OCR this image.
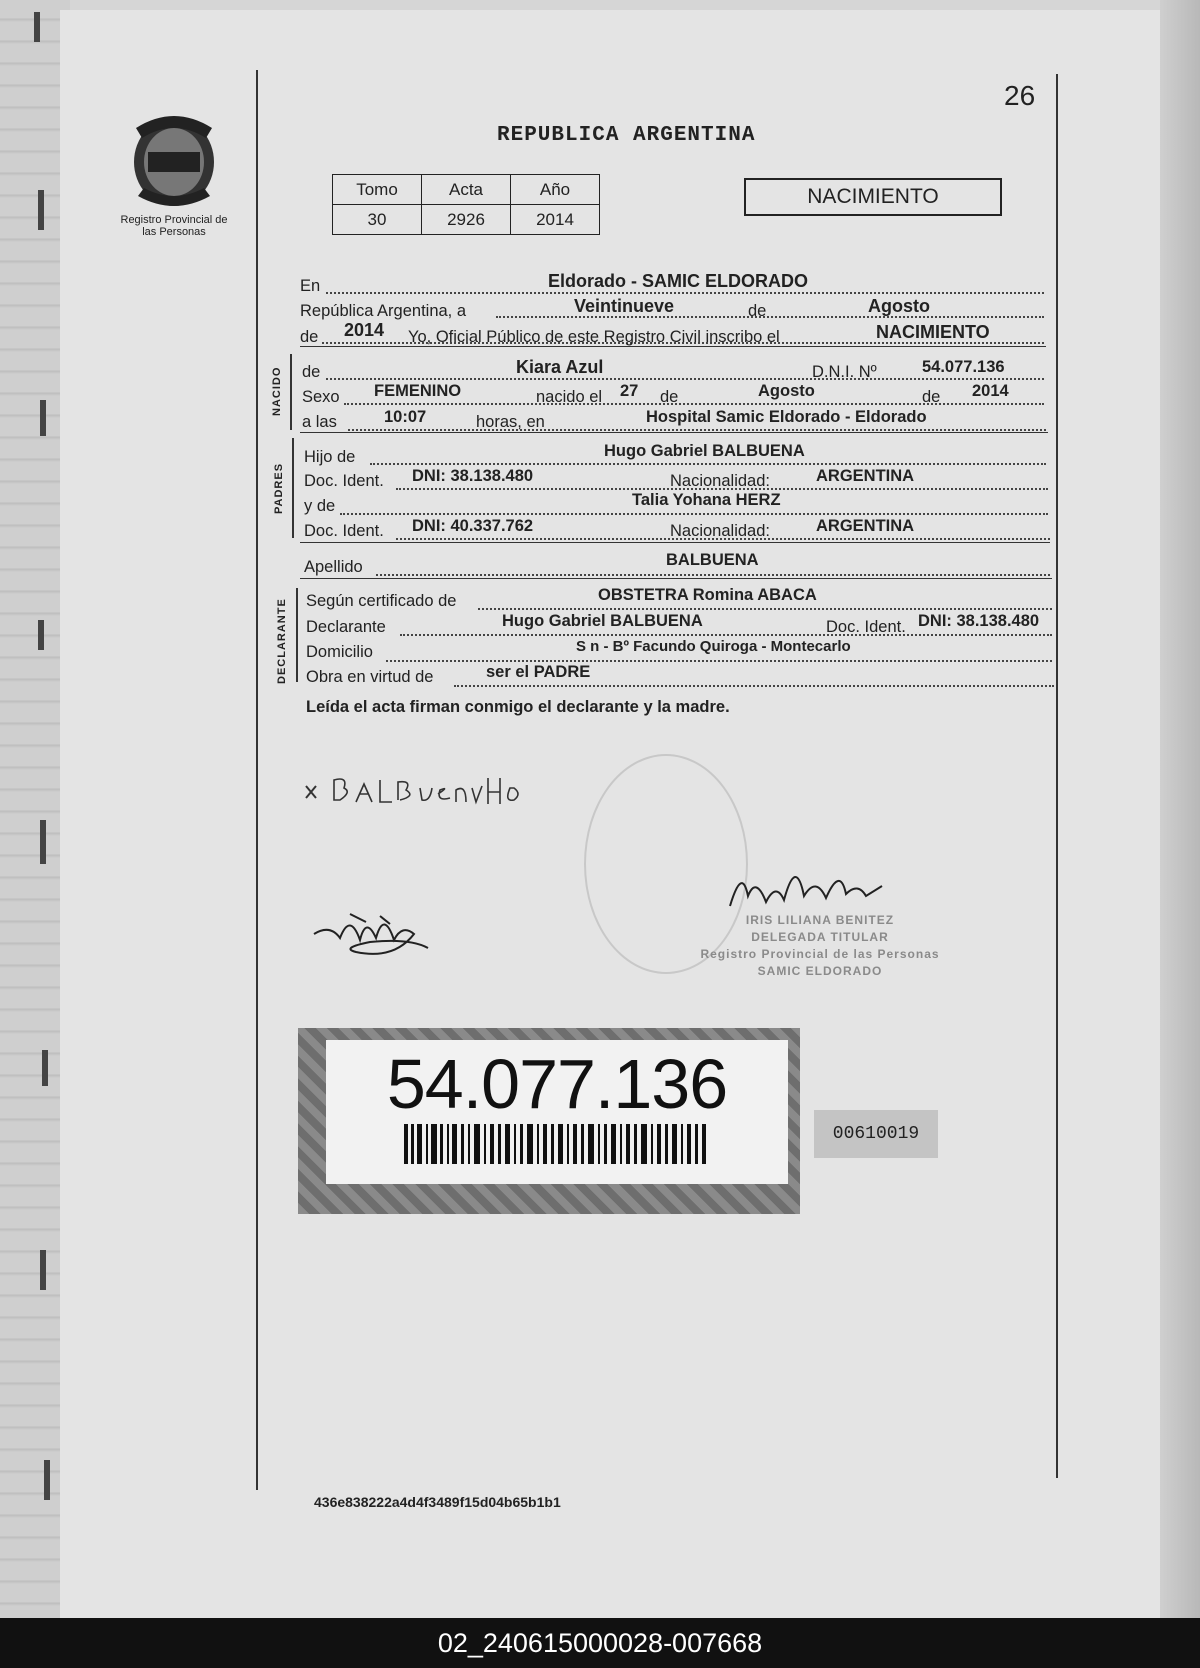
26
REPUBLICA ARGENTINA
Registro Provincial de las Personas
Tomo	Acta	Año
30	2926	2014
NACIMIENTO
NACIDO
PADRES
DECLARANTE
En	Eldorado - SAMIC ELDORADO
República Argentina, a	Veintinueve	de	Agosto
de 2014 Yo, Oficial Público de este Registro Civil inscribo el	NACIMIENTO
de	Kiara Azul	D.N.I. Nº	54.077.136
Sexo FEMENINO	nacido el 27 de	Agosto	de 2014
a las	10:07	horas, en	Hospital Samic Eldorado - Eldorado
Hijo de	Hugo Gabriel BALBUENA
Doc. Ident. DNI: 38.138.480	Nacionalidad:	ARGENTINA
y de	Talia Yohana HERZ
Doc. Ident. DNI: 40.337.762	Nacionalidad:	ARGENTINA
Apellido	BALBUENA
Según certificado de	OBSTETRA Romina ABACA
Declarante	Hugo Gabriel BALBUENA	Doc. Ident. DNI: 38.138.480
Domicilio	S n - Bº Facundo Quiroga - Montecarlo
Obra en virtud de	ser el PADRE
Leída el acta firman conmigo el declarante y la madre.
IRIS LILIANA BENITEZ
DELEGADA TITULAR
Registro Provincial de las Personas
SAMIC ELDORADO
54.077.136
00610019
436e838222a4d4f3489f15d04b65b1b1
02_240615000028-007668
